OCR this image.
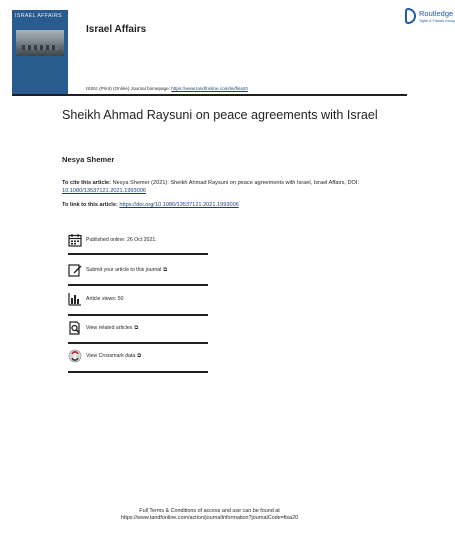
ISRAEL AFFAIRS
Israel Affairs
Routledge
Taylor & Francis Group
ISSN: (Print) (Online) Journal homepage: https://www.tandfonline.com/loi/fisa20
Sheikh Ahmad Raysuni on peace agreements with Israel
Nesya Shemer
To cite this article: Nesya Shemer (2021): Sheikh Ahmad Raysuni on peace agreements with Israel, Israel Affairs, DOI: 10.1080/13537121.2021.1993006
To link to this article: https://doi.org/10.1080/13537121.2021.1993006
Published online: 26 Oct 2021.
Submit your article to this journal ⧉
Article views: 50
View related articles ⧉
View Crossmark data ⧉
Full Terms & Conditions of access and use can be found at
https://www.tandfonline.com/action/journalInformation?journalCode=fisa20
